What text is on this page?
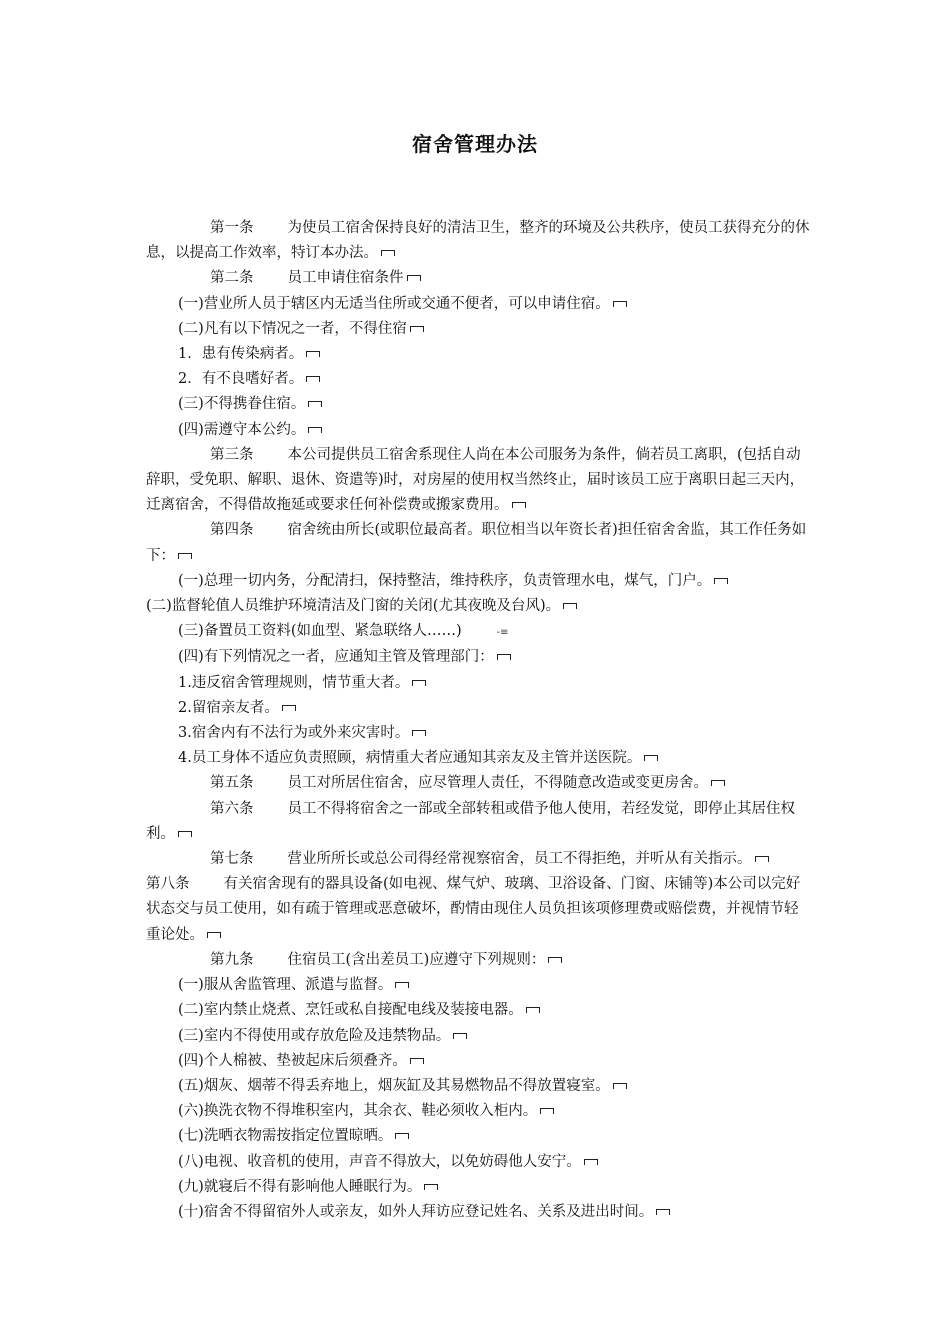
宿舍管理办法

第一条 为使员工宿舍保持良好的清洁卫生，整齐的环境及公共秩序，使员工获得充分的休息，以提高工作效率，特订本办法。

第二条 员工申请住宿条件

(一)营业所人员于辖区内无适当住所或交通不便者，可以申请住宿。

(二)凡有以下情况之一者，不得住宿

1．患有传染病者。

2．有不良嗜好者。

(三)不得携眷住宿。

(四)需遵守本公约。

第三条 本公司提供员工宿舍系现住人尚在本公司服务为条件，倘若员工离职，(包括自动辞职，受免职、解职、退休、资遣等)时，对房屋的使用权当然终止，届时该员工应于离职日起三天内，迁离宿舍，不得借故拖延或要求任何补偿费或搬家费用。

第四条 宿舍统由所长(或职位最高者。职位相当以年资长者)担任宿舍舍监，其工作任务如下：

(一)总理一切内务，分配清扫，保持整洁，维持秩序，负责管理水电，煤气，门户。

(二)监督轮值人员维护环境清洁及门窗的关闭(尤其夜晚及台风)。

(三)备置员工资料(如血型、紧急联络人……)	-≡

(四)有下列情况之一者，应通知主管及管理部门：

1.违反宿舍管理规则，情节重大者。

2.留宿亲友者。

3.宿舍内有不法行为或外来灾害时。

4.员工身体不适应负责照顾，病情重大者应通知其亲友及主管并送医院。

第五条 员工对所居住宿舍，应尽管理人责任，不得随意改造或变更房舍。

第六条 员工不得将宿舍之一部或全部转租或借予他人使用，若经发觉，即停止其居住权利。

第七条 营业所所长或总公司得经常视察宿舍，员工不得拒绝，并听从有关指示。

第八条 有关宿舍现有的器具设备(如电视、煤气炉、玻璃、卫浴设备、门窗、床铺等)本公司以完好状态交与员工使用，如有疏于管理或恶意破坏，酌情由现住人员负担该项修理费或赔偿费，并视情节轻重论处。

第九条 住宿员工(含出差员工)应遵守下列规则：

(一)服从舍监管理、派遣与监督。

(二)室内禁止烧煮、烹饪或私自接配电线及装接电器。

(三)室内不得使用或存放危险及违禁物品。

(四)个人棉被、垫被起床后须叠齐。

(五)烟灰、烟蒂不得丢弃地上，烟灰缸及其易燃物品不得放置寝室。

(六)换洗衣物不得堆积室内，其余衣、鞋必须收入柜内。

(七)洗晒衣物需按指定位置晾晒。

(八)电视、收音机的使用，声音不得放大，以免妨碍他人安宁。

(九)就寝后不得有影响他人睡眠行为。

(十)宿舍不得留宿外人或亲友，如外人拜访应登记姓名、关系及进出时间。
